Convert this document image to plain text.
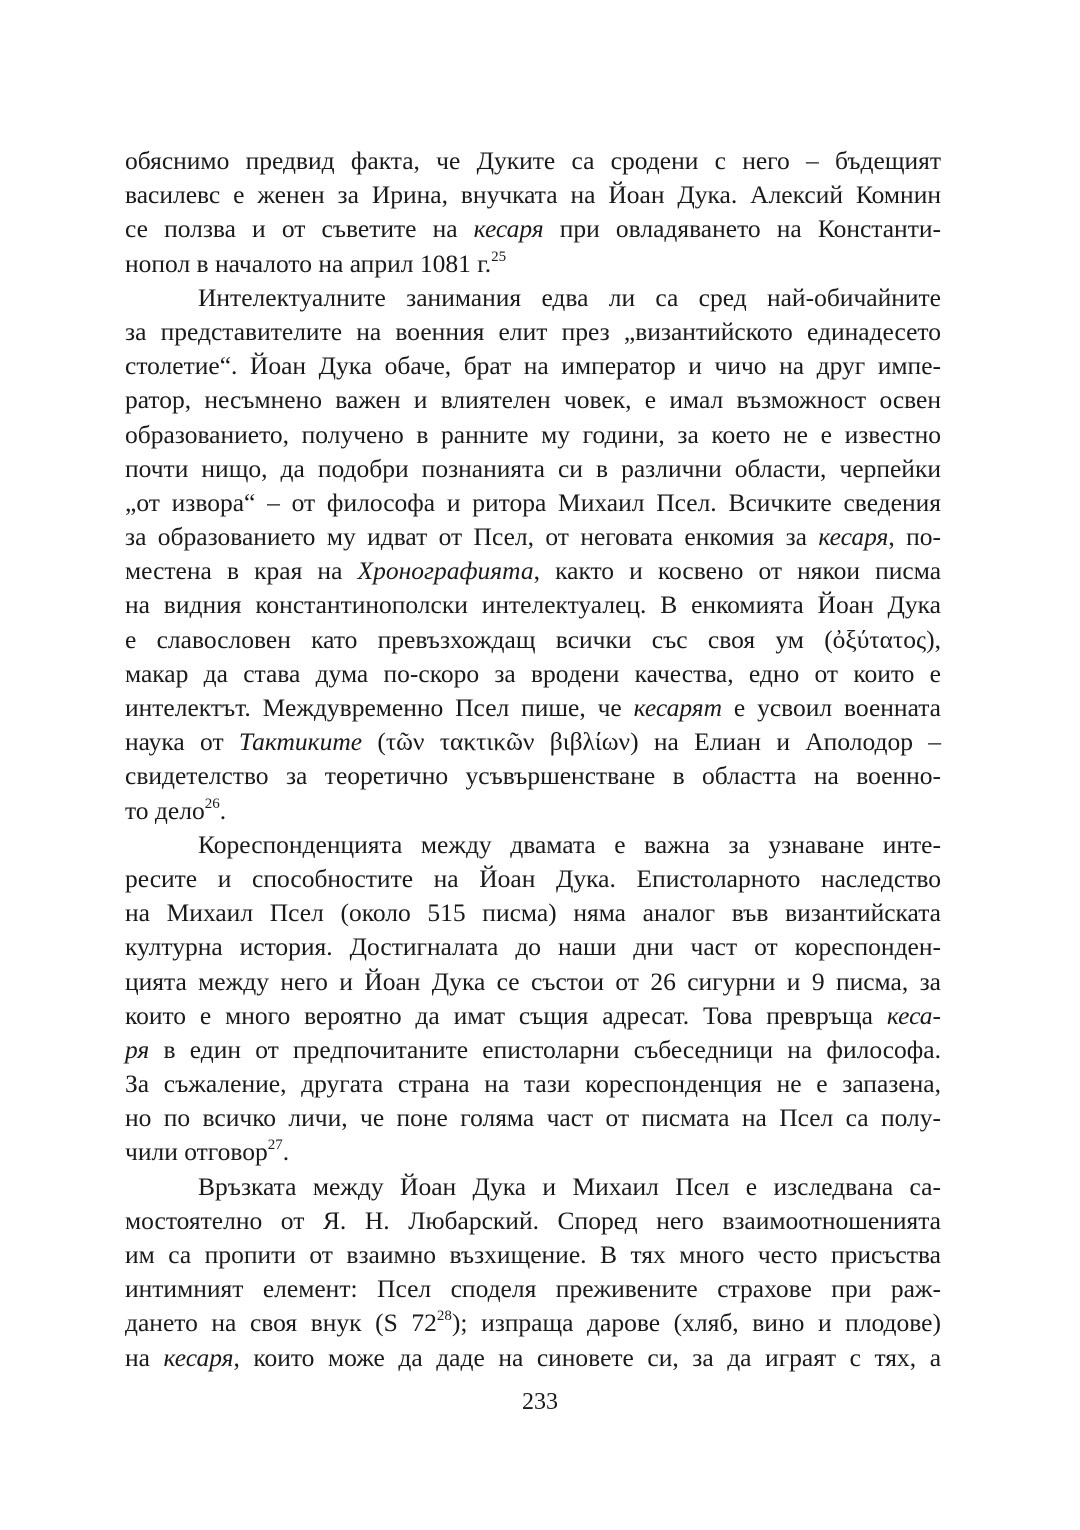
обяснимо предвид факта, че Дуките са сродени с него – бъдещият
василевс е женен за Ирина, внучката на Йоан Дука. Алексий Комнин
се ползва и от съветите на кесаря при овладяването на Константи-
нопол в началото на април 1081 г.$^{25}$
Интелектуалните занимания едва ли са сред най-обичайните
за представителите на военния елит през „византийското единадесето
столетие“. Йоан Дука обаче, брат на император и чичо на друг импе-
ратор, несъмнено важен и влиятелен човек, е имал възможност освен
образованието, получено в ранните му години, за което не е известно
почти нищо, да подобри познанията си в различни области, черпейки
„от извора“ – от философа и ритора Михаил Псел. Всичките сведения
за образованието му идват от Псел, от неговата енкомия за кесаря, по-
местена в края на Хронографията, както и косвено от някои писма
на видния константинополски интелектуалец. В енкомията Йоан Дука
е славословен като превъзхождащ всички със своя ум (ὀξύτατος),
макар да става дума по-скоро за вродени качества, едно от които е
интелектът. Междувременно Псел пише, че кесарят е усвоил военната
наука от Тактиките (τῶν τακτικῶν βιβλίων) на Елиан и Аполодор –
свидетелство за теоретично усъвършенстване в областта на военно-
то дело$^{26}$.
Кореспонденцията между двамата е важна за узнаване инте-
ресите и способностите на Йоан Дука. Епистоларното наследство
на Михаил Псел (около 515 писма) няма аналог във византийската
културна история. Достигналата до наши дни част от кореспонден-
цията между него и Йоан Дука се състои от 26 сигурни и 9 писма, за
които е много вероятно да имат същия адресат. Това превръща кеса-
ря в един от предпочитаните епистоларни събеседници на философа.
За съжаление, другата страна на тази кореспонденция не е запазена,
но по всичко личи, че поне голяма част от писмата на Псел са полу-
чили отговор$^{27}$.
Връзката между Йоан Дука и Михаил Псел е изследвана са-
мостоятелно от Я. Н. Любарский. Според него взаимоотношенията
им са пропити от взаимно възхищение. В тях много често присъства
интимният елемент: Псел споделя преживените страхове при раж-
дането на своя внук (S $72^{28}$); изпраща дарове (хляб, вино и плодове)
на кесаря, които може да даде на синовете си, за да играят с тях, а
233
